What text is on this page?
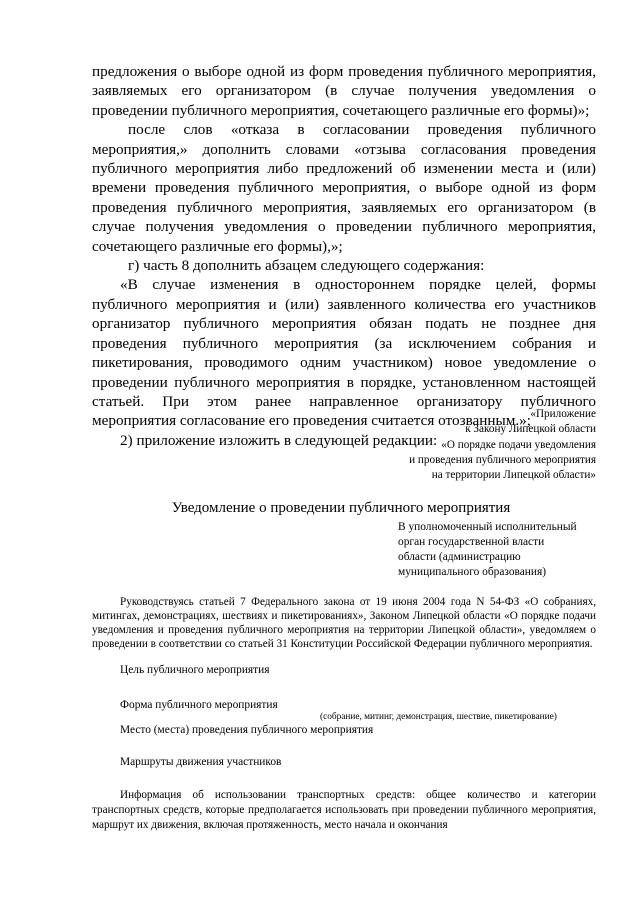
предложения о выборе одной из форм проведения публичного мероприятия, заявляемых его организатором (в случае получения уведомления о проведении публичного мероприятия, сочетающего различные его формы)»;

после слов «отказа в согласовании проведения публичного мероприятия,» дополнить словами «отзыва согласования проведения публичного мероприятия либо предложений об изменении места и (или) времени проведения публичного мероприятия, о выборе одной из форм проведения публичного мероприятия, заявляемых его организатором (в случае получения уведомления о проведении публичного мероприятия, сочетающего различные его формы),»;

г) часть 8 дополнить абзацем следующего содержания:

«В случае изменения в одностороннем порядке целей, формы публичного мероприятия и (или) заявленного количества его участников организатор публичного мероприятия обязан подать не позднее дня проведения публичного мероприятия (за исключением собрания и пикетирования, проводимого одним участником) новое уведомление о проведении публичного мероприятия в порядке, установленном настоящей статьей. При этом ранее направленное организатору публичного мероприятия согласование его проведения считается отозванным.»;

2) приложение изложить в следующей редакции:

«Приложение
к Закону Липецкой области
«О порядке подачи уведомления
и проведения публичного мероприятия
на территории Липецкой области»
Уведомление о проведении публичного мероприятия
В уполномоченный исполнительный
орган государственной власти
области (администрацию
муниципального образования)

Руководствуясь статьей 7 Федерального закона от 19 июня 2004 года N 54-ФЗ «О собраниях, митингах, демонстрациях, шествиях и пикетированиях», Законом Липецкой области «О порядке подачи уведомления и проведения публичного мероприятия на территории Липецкой области», уведомляем о проведении в соответствии со статьей 31 Конституции Российской Федерации публичного мероприятия.

Цель публичного мероприятия
Форма публичного мероприятия
(собрание, митинг, демонстрация, шествие, пикетирование)
Место (места) проведения публичного мероприятия
Маршруты движения участников

Информация об использовании транспортных средств: общее количество и категории транспортных средств, которые предполагается использовать при проведении публичного мероприятия, маршрут их движения, включая протяженность, место начала и окончания
